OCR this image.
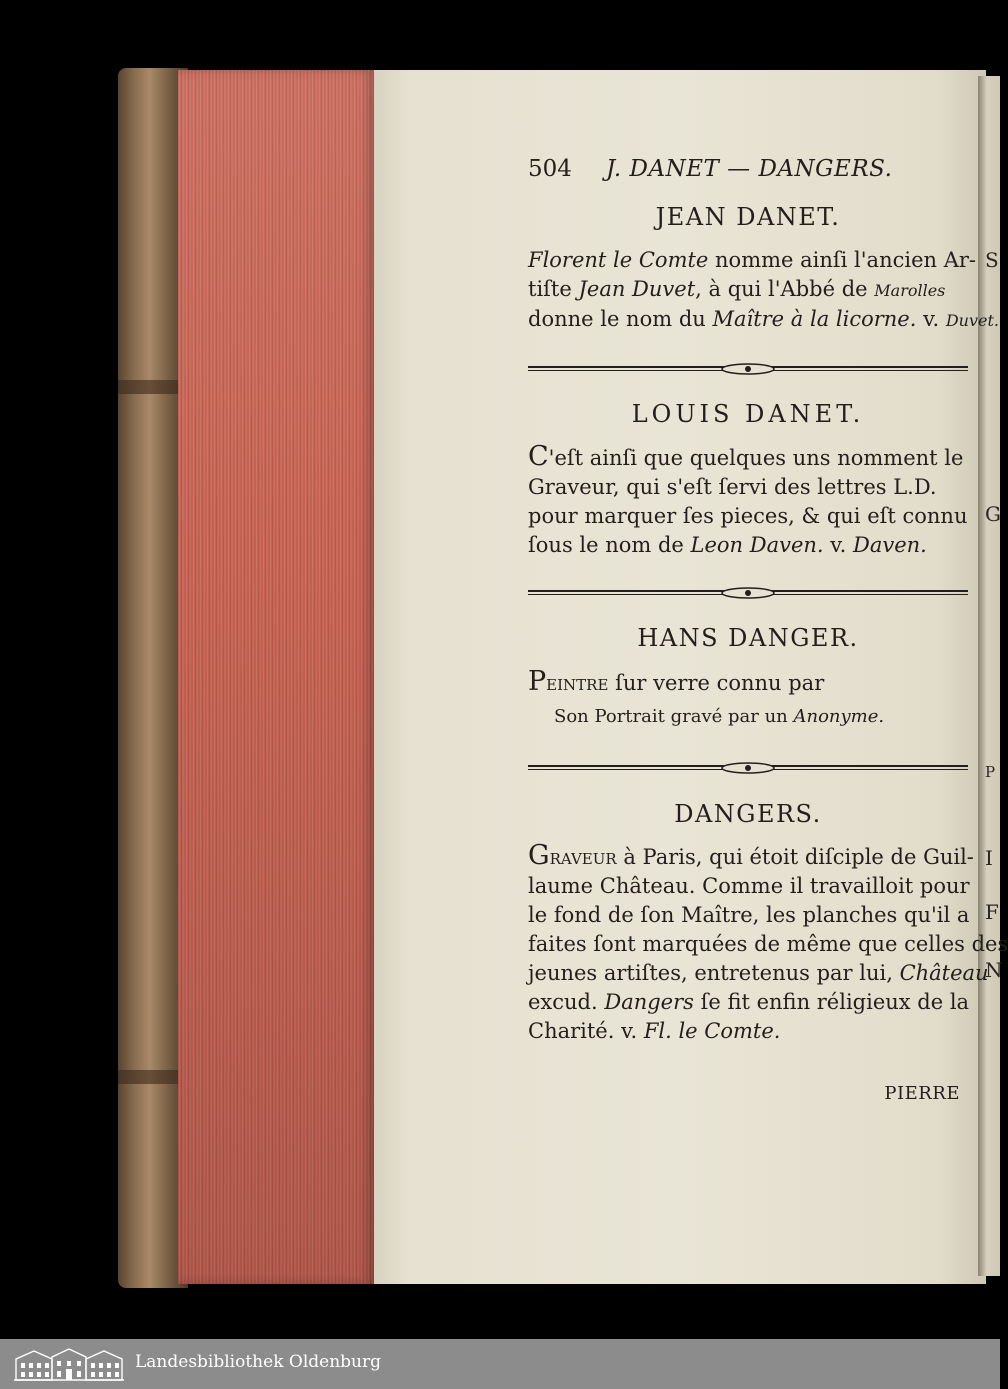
S
G
P
I
F
N
504 J. DANET — DANGERS.
JEAN DANET.
Florent le Comte nomme ainſi l'ancien Ar-
tiſte Jean Duvet, à qui l'Abbé de Marolles
donne le nom du Maître à la licorne. v. Duvet.
LOUIS DANET.
C'eſt ainſi que quelques uns nomment le
Graveur, qui s'eſt ſervi des lettres L.D.
pour marquer ſes pieces, & qui eſt connu
ſous le nom de Leon Daven. v. Daven.
HANS DANGER.
Peintre ſur verre connu par
Son Portrait gravé par un Anonyme.
DANGERS.
Graveur à Paris, qui étoit diſciple de Guil-
laume Château. Comme il travailloit pour
le fond de ſon Maître, les planches qu'il a
faites ſont marquées de même que celles des
jeunes artiſtes, entretenus par lui, Château
excud. Dangers ſe fit enfin réligieux de la
Charité. v. Fl. le Comte.
PIERRE
Landesbibliothek Oldenburg
